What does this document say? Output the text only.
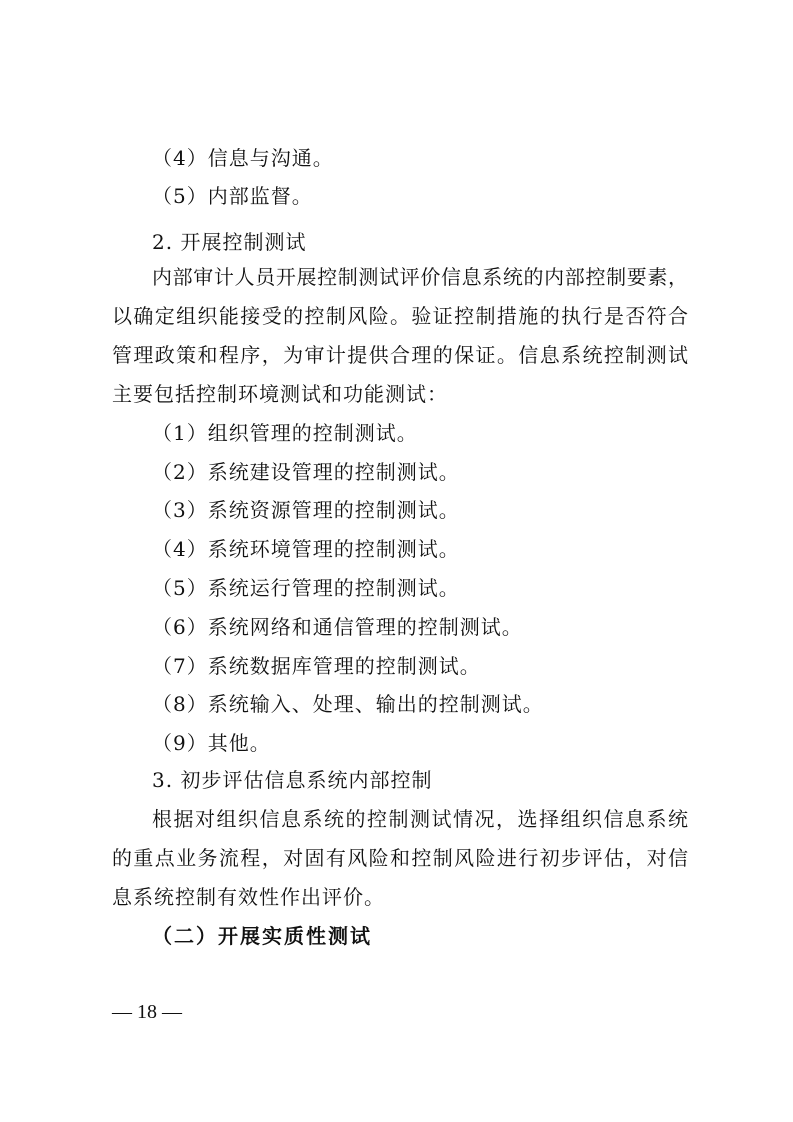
（4）信息与沟通。
（5）内部监督。
2. 开展控制测试
内部审计人员开展控制测试评价信息系统的内部控制要素，
以确定组织能接受的控制风险。验证控制措施的执行是否符合
管理政策和程序，为审计提供合理的保证。信息系统控制测试
主要包括控制环境测试和功能测试：
（1）组织管理的控制测试。
（2）系统建设管理的控制测试。
（3）系统资源管理的控制测试。
（4）系统环境管理的控制测试。
（5）系统运行管理的控制测试。
（6）系统网络和通信管理的控制测试。
（7）系统数据库管理的控制测试。
（8）系统输入、处理、输出的控制测试。
（9）其他。
3. 初步评估信息系统内部控制
根据对组织信息系统的控制测试情况，选择组织信息系统
的重点业务流程，对固有风险和控制风险进行初步评估，对信
息系统控制有效性作出评价。
（二）开展实质性测试
— 18 —
